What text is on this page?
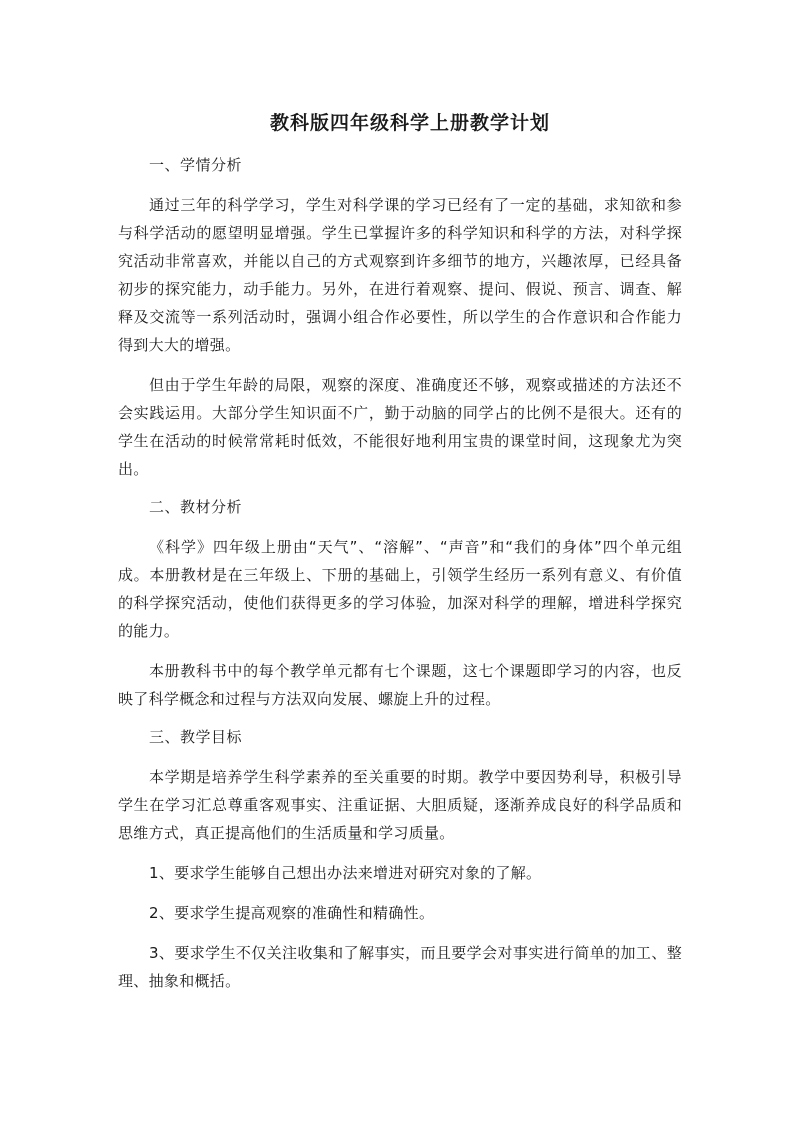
教科版四年级科学上册教学计划
一、学情分析

通过三年的科学学习，学生对科学课的学习已经有了一定的基础，求知欲和参与科学活动的愿望明显增强。学生已掌握许多的科学知识和科学的方法，对科学探究活动非常喜欢，并能以自己的方式观察到许多细节的地方，兴趣浓厚，已经具备初步的探究能力，动手能力。另外，在进行着观察、提问、假说、预言、调查、解释及交流等一系列活动时，强调小组合作必要性，所以学生的合作意识和合作能力得到大大的增强。

但由于学生年龄的局限，观察的深度、准确度还不够，观察或描述的方法还不会实践运用。大部分学生知识面不广，勤于动脑的同学占的比例不是很大。还有的学生在活动的时候常常耗时低效，不能很好地利用宝贵的课堂时间，这现象尤为突出。

二、教材分析

《科学》四年级上册由“天气”、“溶解”、“声音”和“我们的身体”四个单元组成。本册教材是在三年级上、下册的基础上，引领学生经历一系列有意义、有价值的科学探究活动，使他们获得更多的学习体验，加深对科学的理解，增进科学探究的能力。

本册教科书中的每个教学单元都有七个课题，这七个课题即学习的内容，也反映了科学概念和过程与方法双向发展、螺旋上升的过程。

三、教学目标

本学期是培养学生科学素养的至关重要的时期。教学中要因势利导，积极引导学生在学习汇总尊重客观事实、注重证据、大胆质疑，逐渐养成良好的科学品质和思维方式，真正提高他们的生活质量和学习质量。

1、要求学生能够自己想出办法来增进对研究对象的了解。

2、要求学生提高观察的准确性和精确性。

3、要求学生不仅关注收集和了解事实，而且要学会对事实进行简单的加工、整理、抽象和概括。
